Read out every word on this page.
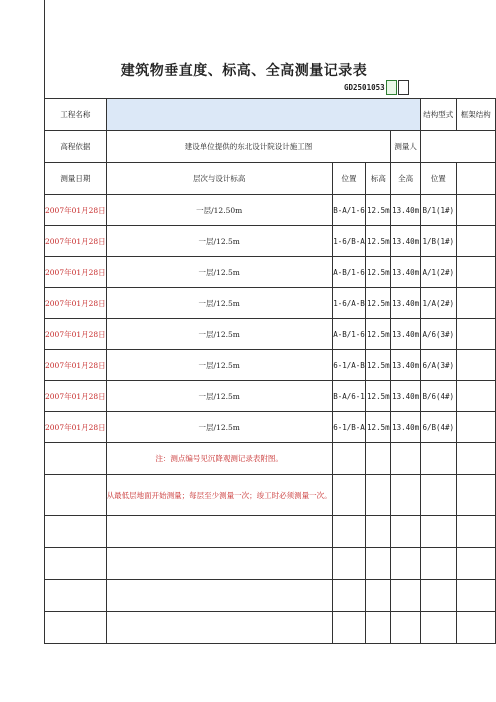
建筑物垂直度、标高、全高测量记录表
GD2501053
工程名称					结构型式	框架结构
高程依据	建设单位提供的东北设计院设计施工图			测量人		
测量日期	层次与设计标高	位置	标高	全高	位置	
2007年01月28日	一层/12.50m	B-A/1-6	12.5m	13.40m	B/1(1#)	
2007年01月28日	一层/12.5m	1-6/B-A	12.5m	13.40m	1/B(1#)	
2007年01月28日	一层/12.5m	A-B/1-6	12.5m	13.40m	A/1(2#)	
2007年01月28日	一层/12.5m	1-6/A-B	12.5m	13.40m	1/A(2#)	
2007年01月28日	一层/12.5m	A-B/1-6	12.5m	13.40m	A/6(3#)	
2007年01月28日	一层/12.5m	6-1/A-B	12.5m	13.40m	6/A(3#)	
2007年01月28日	一层/12.5m	B-A/6-1	12.5m	13.40m	B/6(4#)	
2007年01月28日	一层/12.5m	6-1/B-A	12.5m	13.40m	6/B(4#)	
	注：测点编号见沉降观测记录表附图。					
	从最低层地面开始测量；每层至少测量一次；竣工时必须测量一次。					
